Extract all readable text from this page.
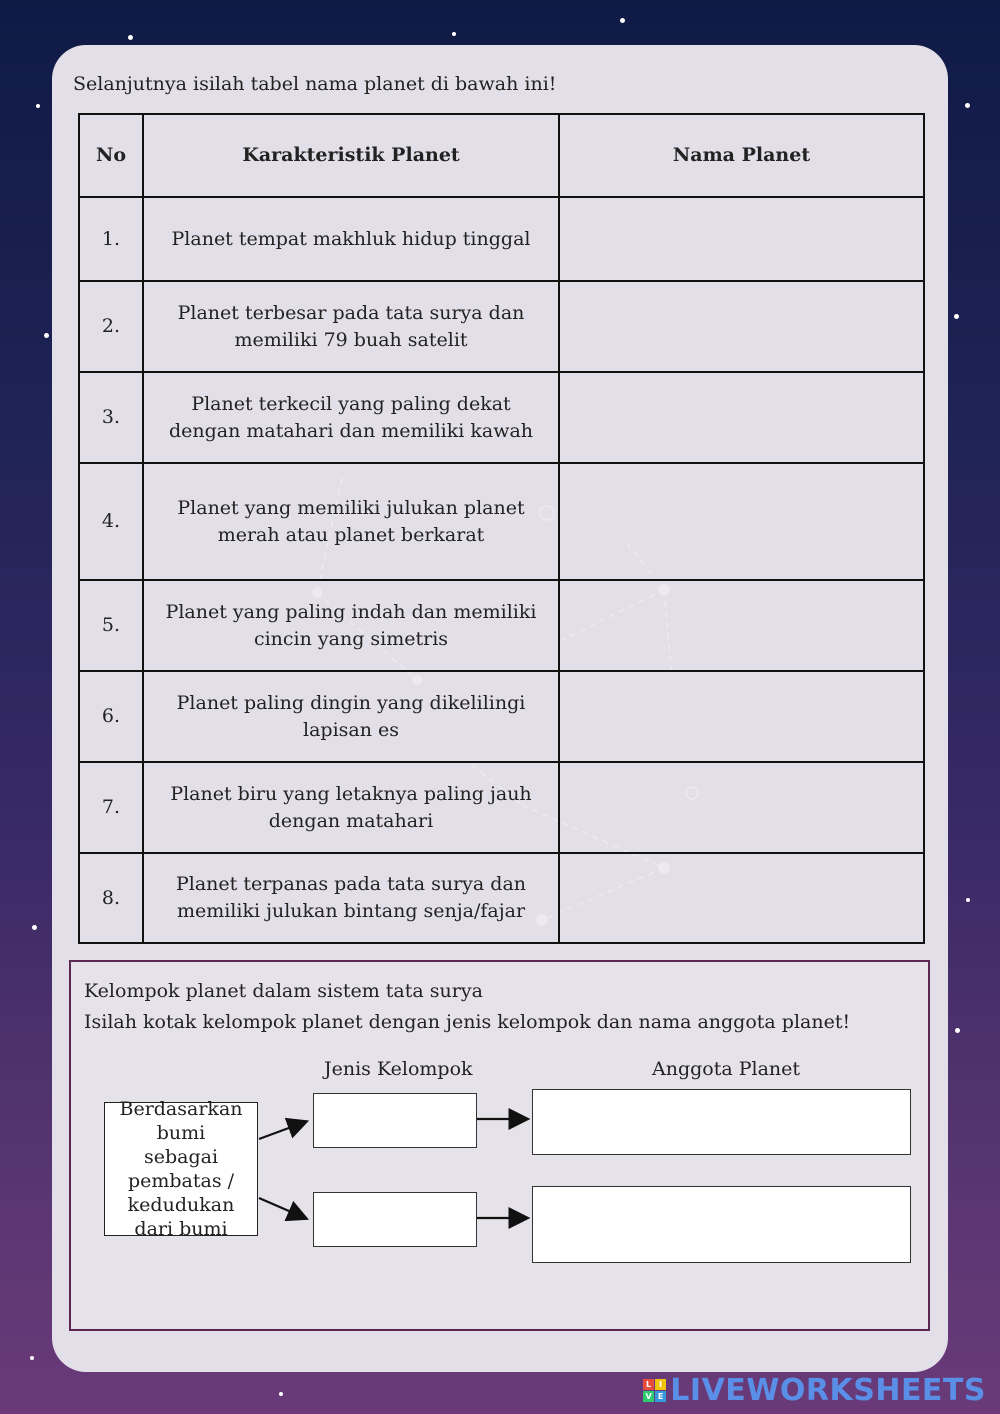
Selanjutnya isilah tabel nama planet di bawah ini!
No	Karakteristik Planet	Nama Planet
1.	Planet tempat makhluk hidup tinggal	
2.	Planet terbesar pada tata surya dan memiliki 79 buah satelit	
3.	Planet terkecil yang paling dekat dengan matahari dan memiliki kawah	
4.	Planet yang memiliki julukan planet merah atau planet berkarat	
5.	Planet yang paling indah dan memiliki cincin yang simetris	
6.	Planet paling dingin yang dikelilingi lapisan es	
7.	Planet biru yang letaknya paling jauh dengan matahari	
8.	Planet terpanas pada tata surya dan memiliki julukan bintang senja/fajar	
Kelompok planet dalam sistem tata surya
Isilah kotak kelompok planet dengan jenis kelompok dan nama anggota planet!
Jenis Kelompok	Anggota Planet
Berdasarkan bumi sebagai pembatas / kedudukan dari bumi
L I
V E LIVEWORKSHEETS
